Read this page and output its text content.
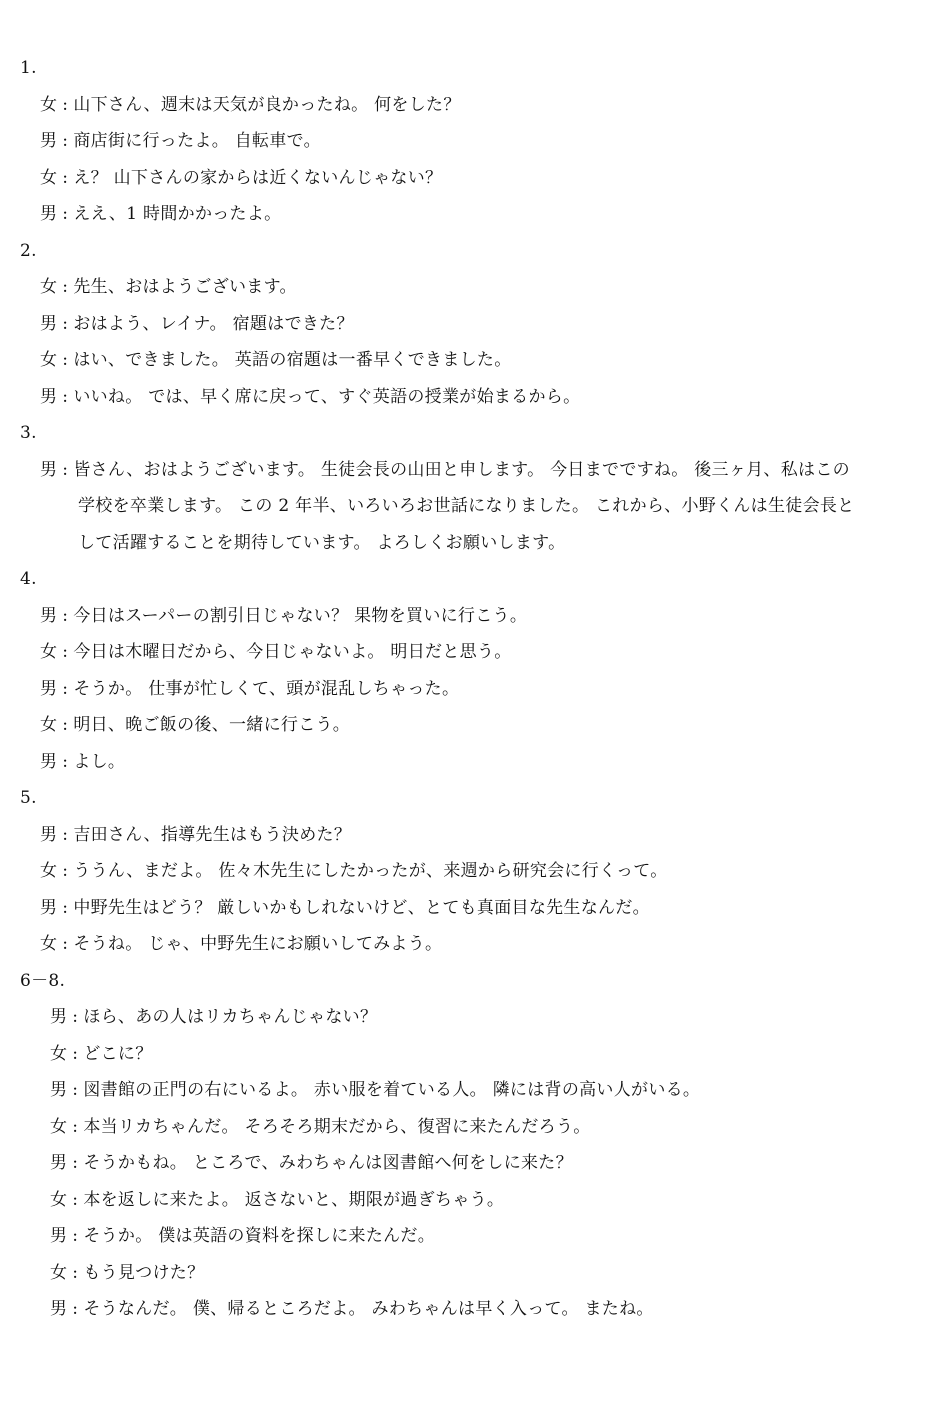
1.
女 : 山下さん、週末は天気が良かったね。 何をした？
男 : 商店街に行ったよ。 自転車で。
女 : え？ 山下さんの家からは近くないんじゃない？
男 : ええ、1 時間かかったよ。
2.
女 : 先生、おはようございます。
男 : おはよう、レイナ。 宿題はできた？
女 : はい、できました。 英語の宿題は一番早くできました。
男 : いいね。 では、早く席に戻って、すぐ英語の授業が始まるから。
3.
男 : 皆さん、おはようございます。 生徒会長の山田と申します。 今日までですね。 後三ヶ月、私はこの
学校を卒業します。 この 2 年半、いろいろお世話になりました。 これから、小野くんは生徒会長と
して活躍することを期待しています。 よろしくお願いします。
4.
男 : 今日はスーパーの割引日じゃない？ 果物を買いに行こう。
女 : 今日は木曜日だから、今日じゃないよ。 明日だと思う。
男 : そうか。 仕事が忙しくて、頭が混乱しちゃった。
女 : 明日、晩ご飯の後、一緒に行こう。
男 : よし。
5.
男 : 吉田さん、指導先生はもう決めた？
女 : ううん、まだよ。 佐々木先生にしたかったが、来週から研究会に行くって。
男 : 中野先生はどう？ 厳しいかもしれないけど、とても真面目な先生なんだ。
女 : そうね。 じゃ、中野先生にお願いしてみよう。
6－8.
男 : ほら、あの人はリカちゃんじゃない？
女 : どこに？
男 : 図書館の正門の右にいるよ。 赤い服を着ている人。 隣には背の高い人がいる。
女 : 本当リカちゃんだ。 そろそろ期末だから、復習に来たんだろう。
男 : そうかもね。 ところで、みわちゃんは図書館へ何をしに来た？
女 : 本を返しに来たよ。 返さないと、期限が過ぎちゃう。
男 : そうか。 僕は英語の資料を探しに来たんだ。
女 : もう見つけた？
男 : そうなんだ。 僕、帰るところだよ。 みわちゃんは早く入って。 またね。
